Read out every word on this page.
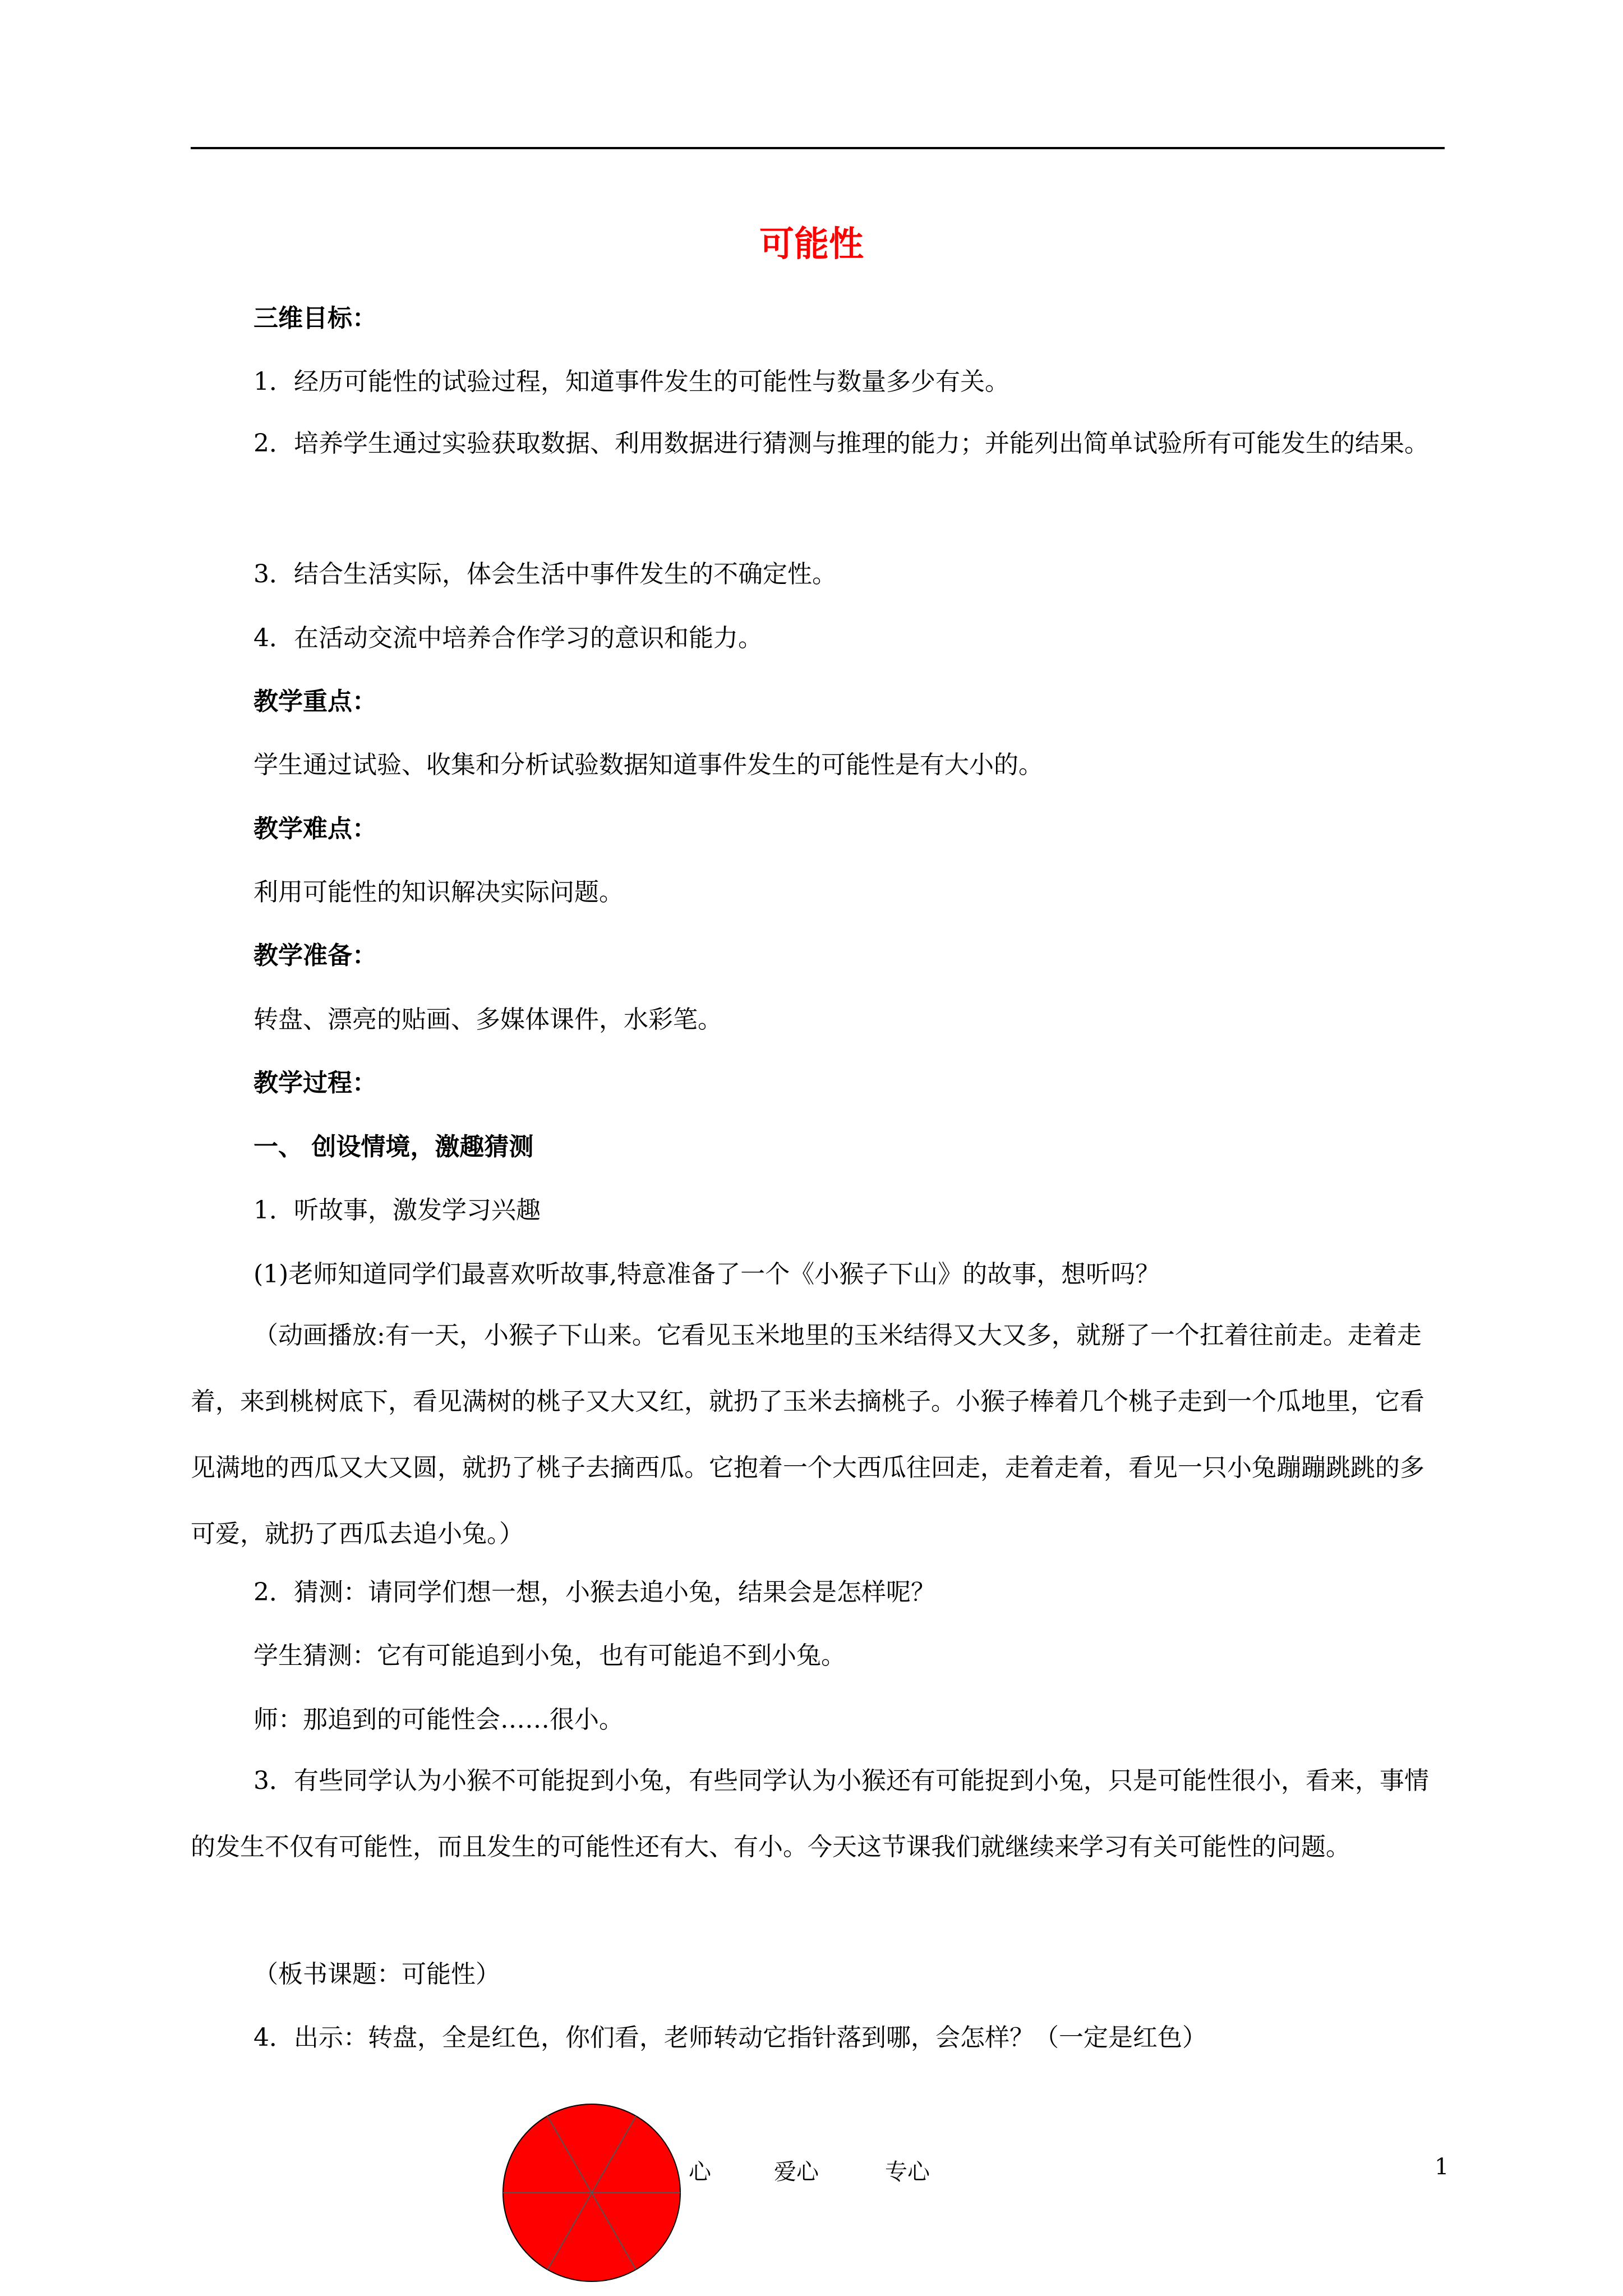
可能性
三维目标：
1．经历可能性的试验过程，知道事件发生的可能性与数量多少有关。
2．培养学生通过实验获取数据、利用数据进行猜测与推理的能力；并能列出简单试验所有可能发生的结果。
3．结合生活实际，体会生活中事件发生的不确定性。
4．在活动交流中培养合作学习的意识和能力。
教学重点：
学生通过试验、收集和分析试验数据知道事件发生的可能性是有大小的。
教学难点：
利用可能性的知识解决实际问题。
教学准备：
转盘、漂亮的贴画、多媒体课件，水彩笔。
教学过程：
一、 创设情境，激趣猜测
1．听故事，激发学习兴趣
(1)老师知道同学们最喜欢听故事,特意准备了一个《小猴子下山》的故事，想听吗？
（动画播放:有一天，小猴子下山来。它看见玉米地里的玉米结得又大又多，就掰了一个扛着往前走。走着走着，来到桃树底下，看见满树的桃子又大又红，就扔了玉米去摘桃子。小猴子棒着几个桃子走到一个瓜地里，它看见满地的西瓜又大又圆，就扔了桃子去摘西瓜。它抱着一个大西瓜往回走，走着走着，看见一只小兔蹦蹦跳跳的多可爱，就扔了西瓜去追小兔。）
2．猜测：请同学们想一想，小猴去追小兔，结果会是怎样呢？
学生猜测：它有可能追到小兔，也有可能追不到小兔。
师：那追到的可能性会……很小。
3．有些同学认为小猴不可能捉到小兔，有些同学认为小猴还有可能捉到小兔，只是可能性很小，看来，事情的发生不仅有可能性，而且发生的可能性还有大、有小。今天这节课我们就继续来学习有关可能性的问题。
（板书课题：可能性）
4．出示：转盘，全是红色，你们看，老师转动它指针落到哪，会怎样？（一定是红色）
心	爱心	专心	1
